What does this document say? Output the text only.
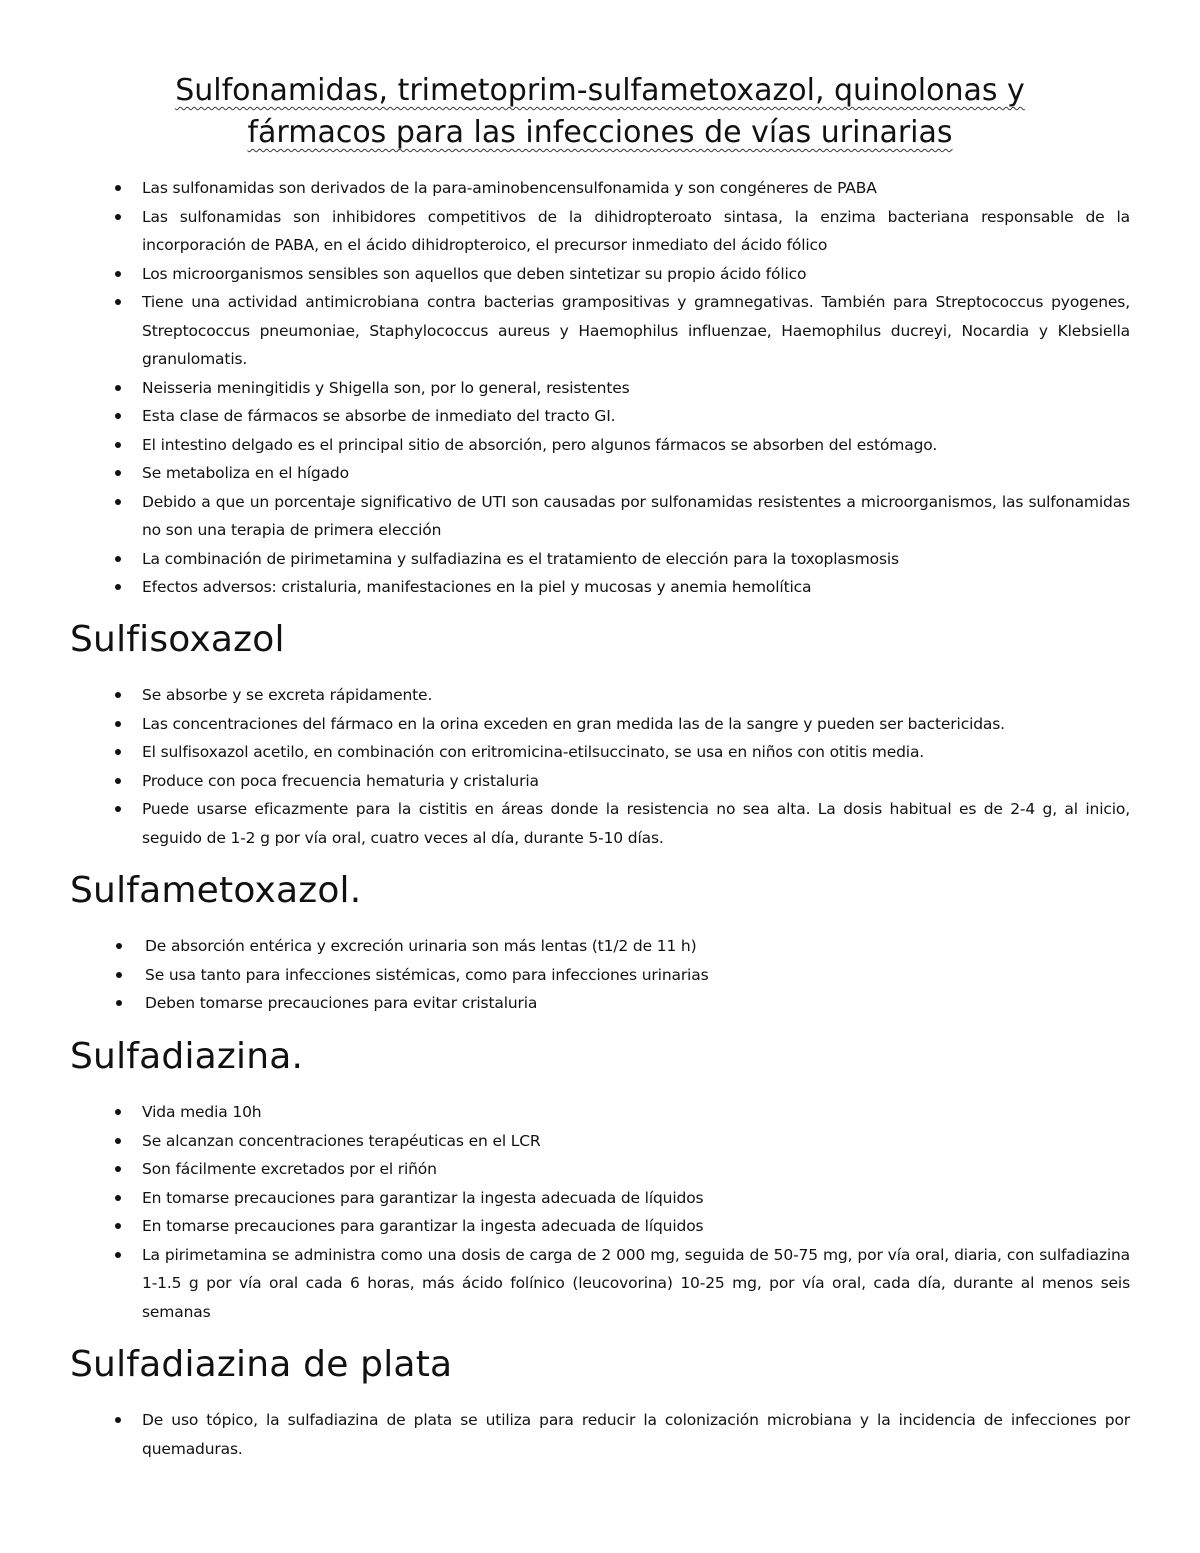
Sulfonamidas, trimetoprim-sulfametoxazol, quinolonas y
fármacos para las infecciones de vías urinarias
Las sulfonamidas son derivados de la para-aminobencensulfonamida y son congéneres de PABA
Las sulfonamidas son inhibidores competitivos de la dihidropteroato sintasa, la enzima bacteriana responsable de la incorporación de PABA, en el ácido dihidropteroico, el precursor inmediato del ácido fólico
Los microorganismos sensibles son aquellos que deben sintetizar su propio ácido fólico
Tiene una actividad antimicrobiana contra bacterias grampositivas y gramnegativas. También para Streptococcus pyogenes, Streptococcus pneumoniae, Staphylococcus aureus y Haemophilus influenzae, Haemophilus ducreyi, Nocardia y Klebsiella granulomatis.
Neisseria meningitidis y Shigella son, por lo general, resistentes
Esta clase de fármacos se absorbe de inmediato del tracto GI.
El intestino delgado es el principal sitio de absorción, pero algunos fármacos se absorben del estómago.
Se metaboliza en el hígado
Debido a que un porcentaje significativo de UTI son causadas por sulfonamidas resistentes a microorganismos, las sulfonamidas no son una terapia de primera elección
La combinación de pirimetamina y sulfadiazina es el tratamiento de elección para la toxoplasmosis
Efectos adversos: cristaluria, manifestaciones en la piel y mucosas y anemia hemolítica
Sulfisoxazol
Se absorbe y se excreta rápidamente.
Las concentraciones del fármaco en la orina exceden en gran medida las de la sangre y pueden ser bactericidas.
El sulfisoxazol acetilo, en combinación con eritromicina-etilsuccinato, se usa en niños con otitis media.
Produce con poca frecuencia hematuria y cristaluria
Puede usarse eficazmente para la cistitis en áreas donde la resistencia no sea alta. La dosis habitual es de 2-4 g, al inicio, seguido de 1-2 g por vía oral, cuatro veces al día, durante 5-10 días.
Sulfametoxazol.
De absorción entérica y excreción urinaria son más lentas (t1/2 de 11 h)
Se usa tanto para infecciones sistémicas, como para infecciones urinarias
Deben tomarse precauciones para evitar cristaluria
Sulfadiazina.
Vida media 10h
Se alcanzan concentraciones terapéuticas en el LCR
Son fácilmente excretados por el riñón
En tomarse precauciones para garantizar la ingesta adecuada de líquidos
En tomarse precauciones para garantizar la ingesta adecuada de líquidos
La pirimetamina se administra como una dosis de carga de 2 000 mg, seguida de 50-75 mg, por vía oral, diaria, con sulfadiazina 1-1.5 g por vía oral cada 6 horas, más ácido folínico (leucovorina) 10-25 mg, por vía oral, cada día, durante al menos seis semanas
Sulfadiazina de plata
De uso tópico, la sulfadiazina de plata se utiliza para reducir la colonización microbiana y la incidencia de infecciones por quemaduras.
